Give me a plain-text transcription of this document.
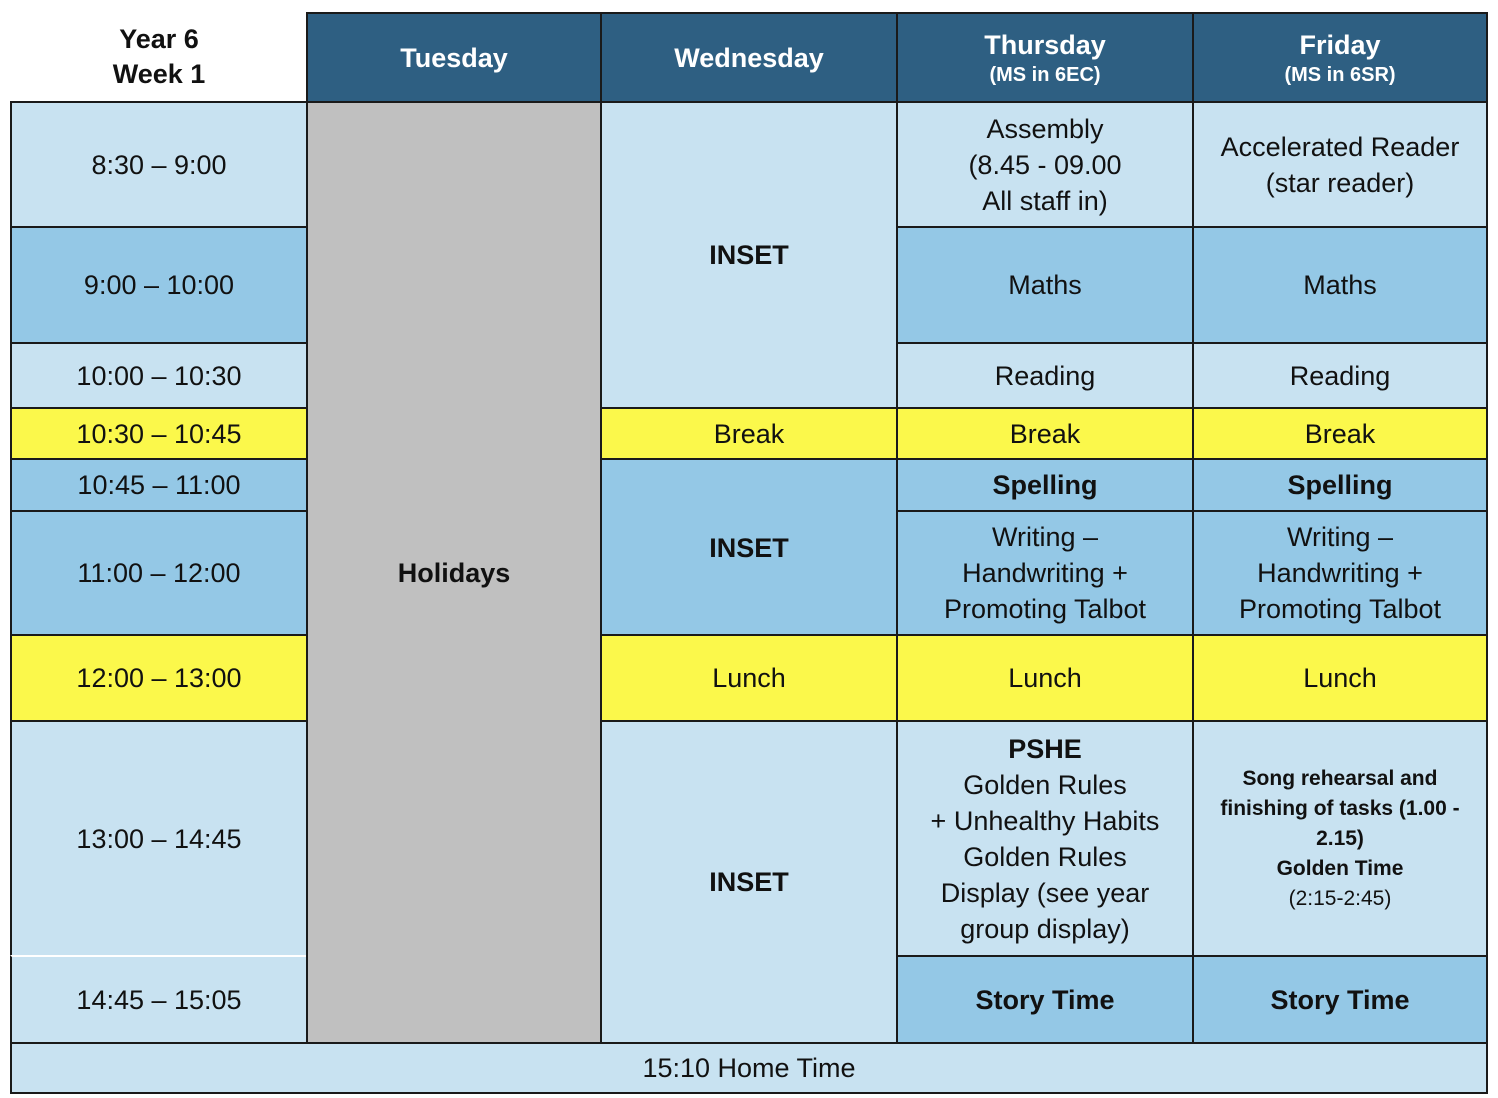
Year 6
Week 1
Tuesday	Wednesday	Thursday
(MS in 6EC)
Friday
(MS in 6SR)
8:30 – 9:00
9:00 – 10:00
10:00 – 10:30
10:30 – 10:45
10:45 – 11:00
11:00 – 12:00
12:00 – 13:00
13:00 – 14:45
14:45 – 15:05
Holidays
INSET
Break
INSET
Lunch
INSET
Assembly
(8.45 - 09.00
All staff in)
Maths
Reading
Break
Spelling
Writing –
Handwriting +
Promoting Talbot
Lunch
PSHE
Golden Rules
+ Unhealthy Habits
Golden Rules
Display (see year
group display)
Story Time
Accelerated Reader
(star reader)
Maths
Reading
Break
Spelling
Writing –
Handwriting +
Promoting Talbot
Lunch
Song rehearsal and
finishing of tasks (1.00 -
2.15)
Golden Time
(2:15-2:45)
Story Time
15:10 Home Time
